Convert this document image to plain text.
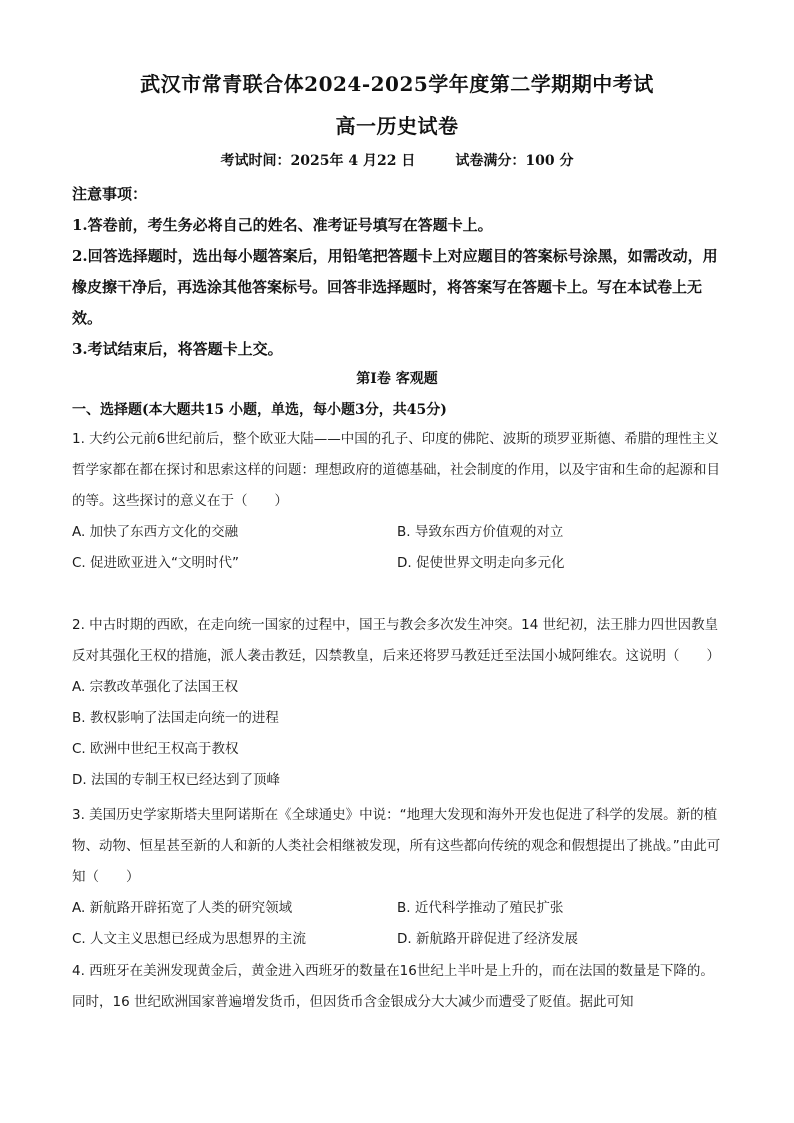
武汉市常青联合体2024-2025学年度第二学期期中考试
高一历史试卷
考试时间：2025年 4 月22 日	试卷满分：100 分

注意事项：

1.答卷前，考生务必将自己的姓名、准考证号填写在答题卡上。

2.回答选择题时，选出每小题答案后，用铅笔把答题卡上对应题目的答案标号涂黑，如需改动，用橡皮擦干净后，再选涂其他答案标号。回答非选择题时，将答案写在答题卡上。写在本试卷上无效。

3.考试结束后，将答题卡上交。

第Ⅰ卷 客观题
一、选择题(本大题共15 小题，单选，每小题3分，共45分)

1. 大约公元前6世纪前后，整个欧亚大陆——中国的孔子、印度的佛陀、波斯的琐罗亚斯德、希腊的理性主义哲学家都在都在探讨和思索这样的问题：理想政府的道德基础，社会制度的作用，以及宇宙和生命的起源和目的等。这些探讨的意义在于（　　）

A. 加快了东西方文化的交融	B. 导致东西方价值观的对立
C. 促进欧亚进入“文明时代”	D. 促使世界文明走向多元化

2. 中古时期的西欧，在走向统一国家的过程中，国王与教会多次发生冲突。14 世纪初，法王腓力四世因教皇反对其强化王权的措施，派人袭击教廷，囚禁教皇，后来还将罗马教廷迁至法国小城阿维农。这说明（　　）

A. 宗教改革强化了法国王权

B. 教权影响了法国走向统一的进程

C. 欧洲中世纪王权高于教权

D. 法国的专制王权已经达到了顶峰

3. 美国历史学家斯塔夫里阿诺斯在《全球通史》中说：“地理大发现和海外开发也促进了科学的发展。新的植物、动物、恒星甚至新的人和新的人类社会相继被发现，所有这些都向传统的观念和假想提出了挑战。”由此可知（　　）

A. 新航路开辟拓宽了人类的研究领域	B. 近代科学推动了殖民扩张
C. 人文主义思想已经成为思想界的主流	D. 新航路开辟促进了经济发展

4. 西班牙在美洲发现黄金后，黄金进入西班牙的数量在16世纪上半叶是上升的，而在法国的数量是下降的。同时，16 世纪欧洲国家普遍增发货币，但因货币含金银成分大大减少而遭受了贬值。据此可知
